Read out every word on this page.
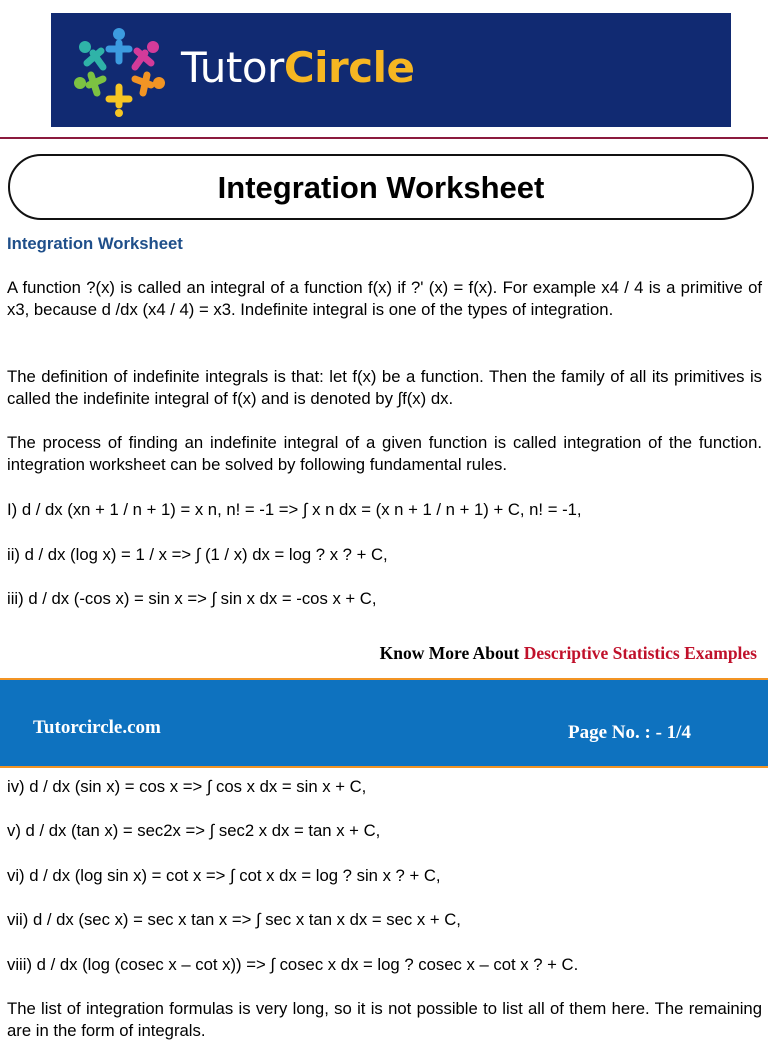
TutorCircle
Integration Worksheet
Integration Worksheet

A function ?(x) is called an integral of a function f(x) if ?' (x) = f(x). For example x4 / 4 is a primitive of x3, because d /dx (x4 / 4) = x3. Indefinite integral is one of the types of integration.

The definition of indefinite integrals is that: let f(x) be a function. Then the family of all its primitives is called the indefinite integral of f(x) and is denoted by ∫f(x) dx.

The process of finding an indefinite integral of a given function is called integration of the function. integration worksheet can be solved by following fundamental rules.

I) d / dx (xn + 1 / n + 1) = x n, n! = -1 => ∫ x n dx = (x n + 1 / n + 1) + C, n! = -1,
ii) d / dx (log x) = 1 / x => ∫ (1 / x) dx = log ? x ? + C,
iii) d / dx (-cos x) = sin x => ∫ sin x dx = -cos x + C,
Know More About Descriptive Statistics Examples
Tutorcircle.com	Page No. : - 1/4
iv) d / dx (sin x) = cos x => ∫ cos x dx = sin x + C,
v) d / dx (tan x) = sec2x => ∫ sec2 x dx = tan x + C,
vi) d / dx (log sin x) = cot x => ∫ cot x dx = log ? sin x ? + C,
vii) d / dx (sec x) = sec x tan x => ∫ sec x tan x dx = sec x + C,
viii) d / dx (log (cosec x – cot x)) => ∫ cosec x dx = log ? cosec x – cot x ? + C.

The list of integration formulas is very long, so it is not possible to list all of them here. The remaining are in the form of integrals.
